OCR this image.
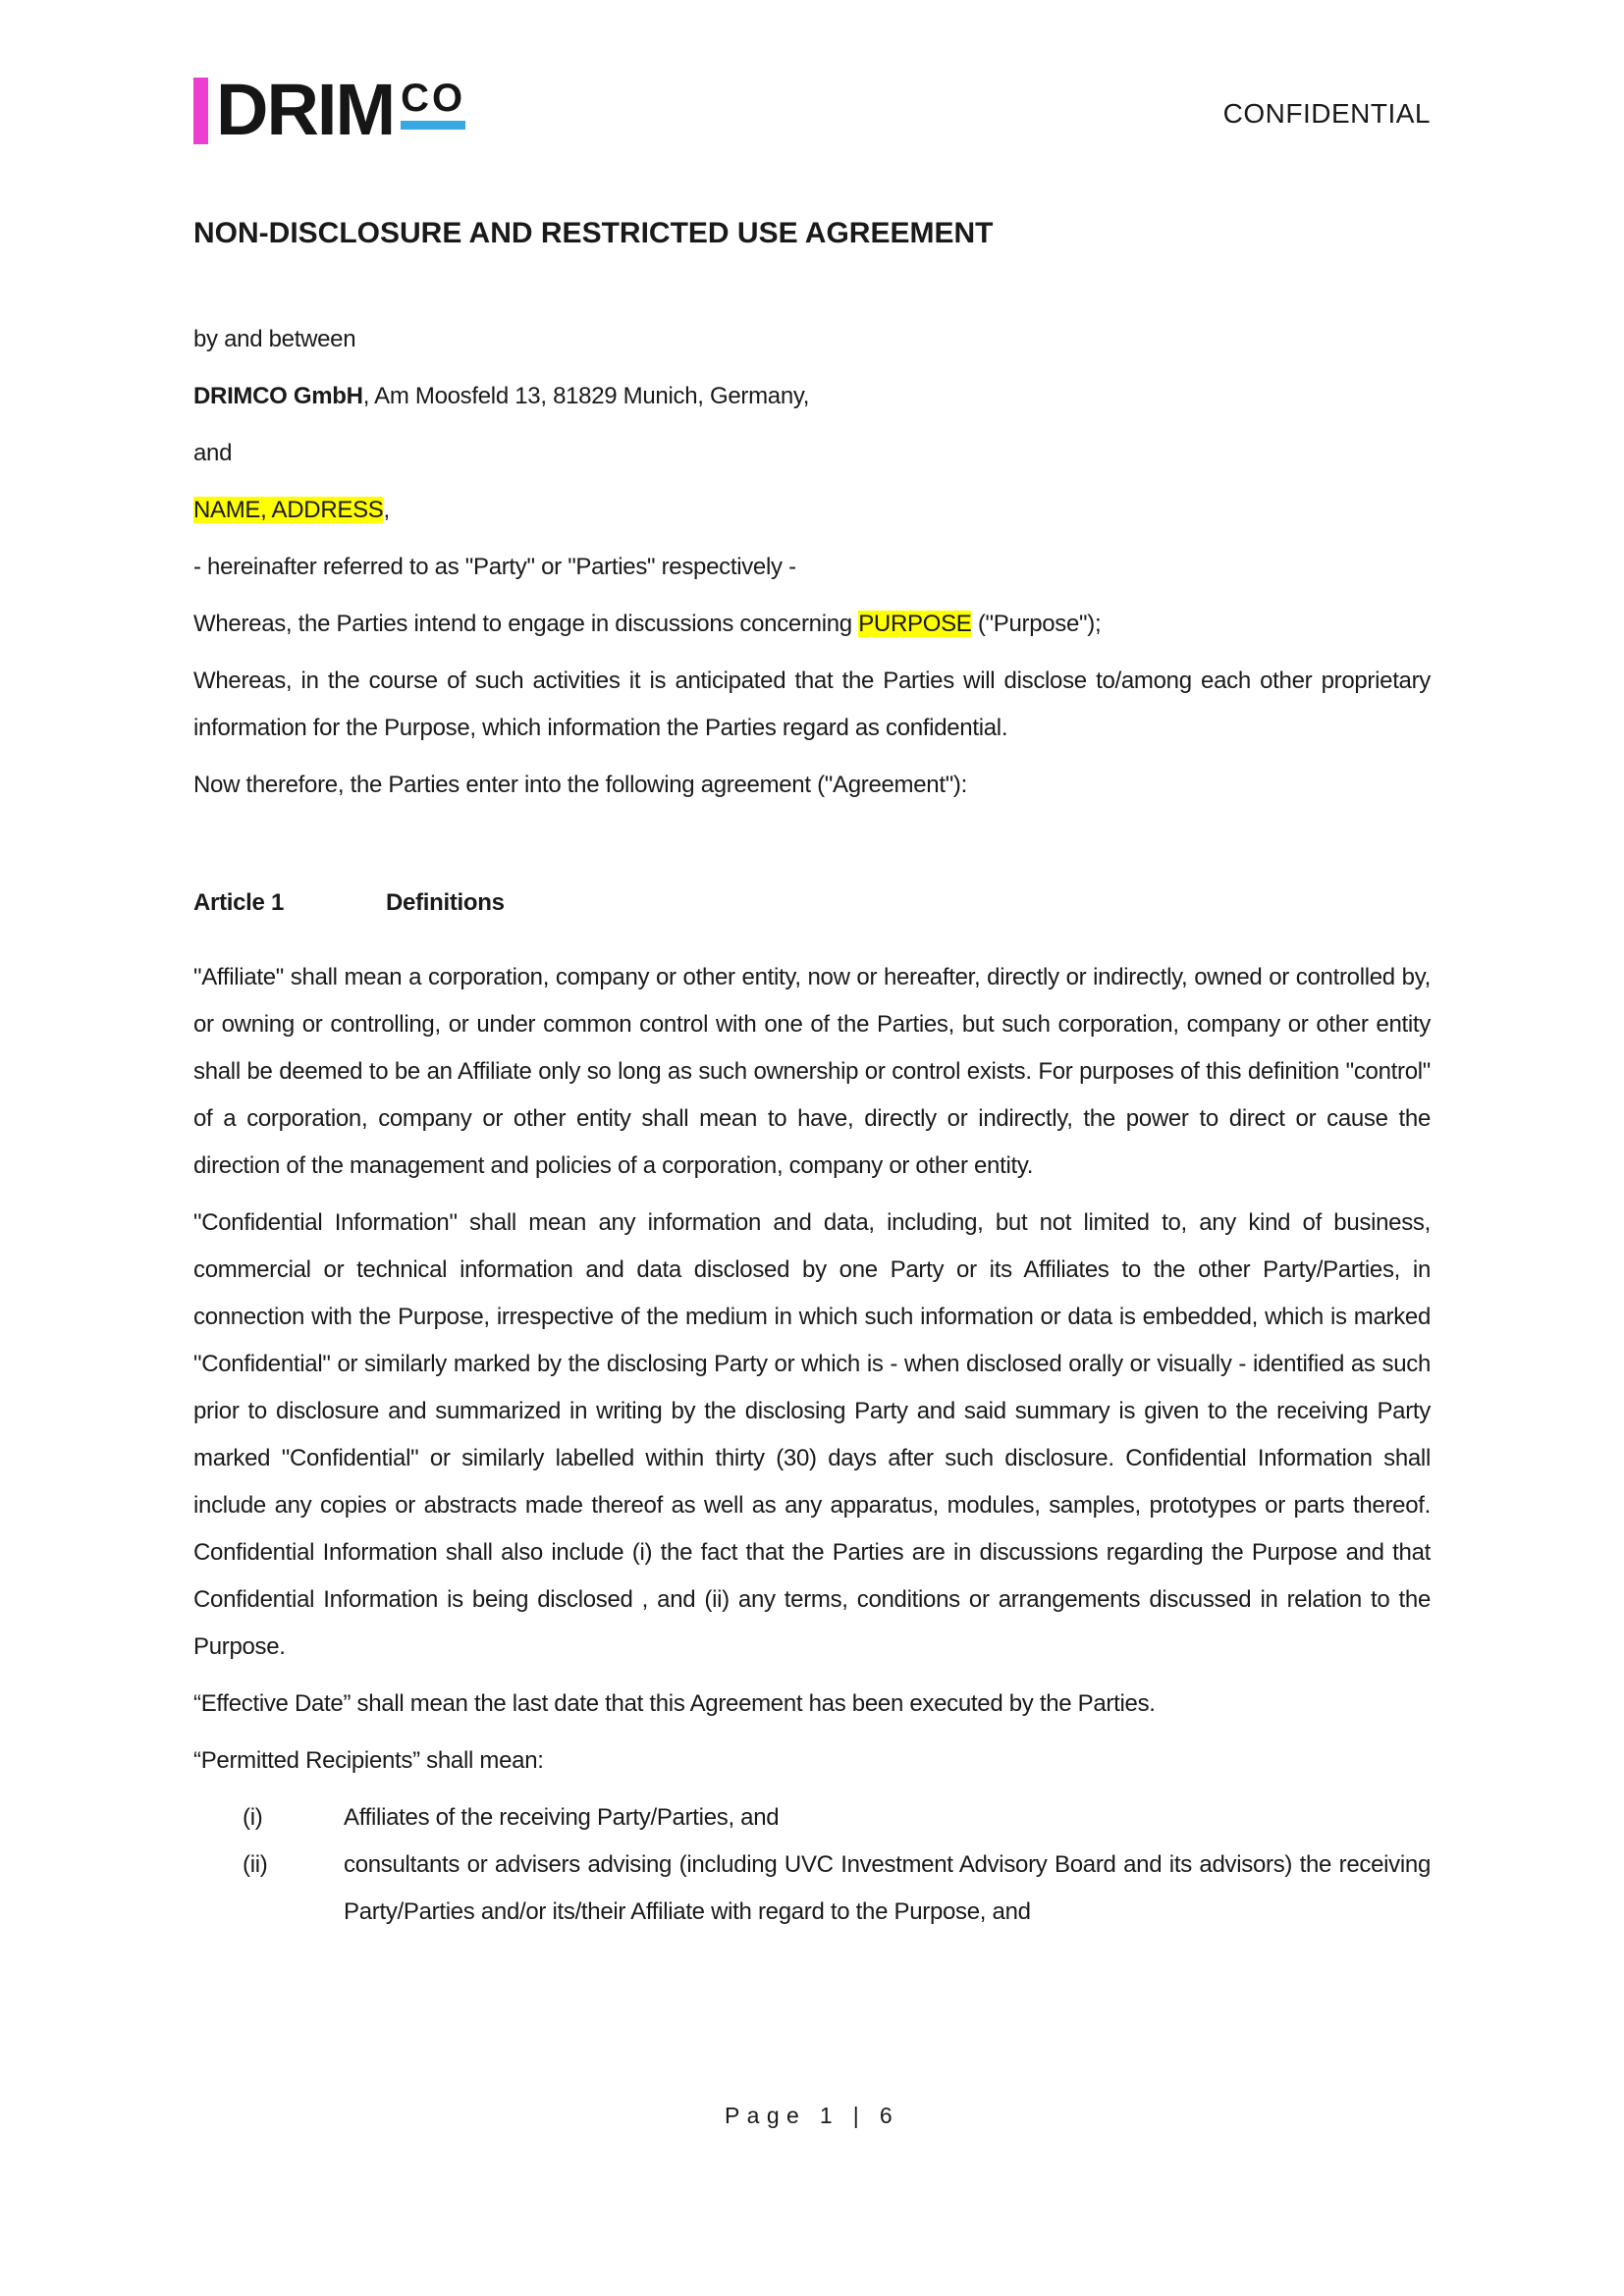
DRIM CO	CONFIDENTIAL

NON-DISCLOSURE AND RESTRICTED USE AGREEMENT

by and between

DRIMCO GmbH, Am Moosfeld 13, 81829 Munich, Germany,

and

NAME, ADDRESS,

- hereinafter referred to as "Party" or "Parties" respectively -

Whereas, the Parties intend to engage in discussions concerning PURPOSE ("Purpose");

Whereas, in the course of such activities it is anticipated that the Parties will disclose to/among each other proprietary information for the Purpose, which information the Parties regard as confidential.

Now therefore, the Parties enter into the following agreement ("Agreement"):

Article 1	Definitions

"Affiliate" shall mean a corporation, company or other entity, now or hereafter, directly or indirectly, owned or controlled by, or owning or controlling, or under common control with one of the Parties, but such corporation, company or other entity shall be deemed to be an Affiliate only so long as such ownership or control exists. For purposes of this definition "control" of a corporation, company or other entity shall mean to have, directly or indirectly, the power to direct or cause the direction of the management and policies of a corporation, company or other entity.

"Confidential Information" shall mean any information and data, including, but not limited to, any kind of business, commercial or technical information and data disclosed by one Party or its Affiliates to the other Party/Parties, in connection with the Purpose, irrespective of the medium in which such information or data is embedded, which is marked "Confidential" or similarly marked by the disclosing Party or which is - when disclosed orally or visually - identified as such prior to disclosure and summarized in writing by the disclosing Party and said summary is given to the receiving Party marked "Confidential" or similarly labelled within thirty (30) days after such disclosure. Confidential Information shall include any copies or abstracts made thereof as well as any apparatus, modules, samples, prototypes or parts thereof. Confidential Information shall also include (i) the fact that the Parties are in discussions regarding the Purpose and that Confidential Information is being disclosed , and (ii) any terms, conditions or arrangements discussed in relation to the Purpose.

“Effective Date” shall mean the last date that this Agreement has been executed by the Parties.

“Permitted Recipients” shall mean:

(i)	Affiliates of the receiving Party/Parties, and
(ii)	consultants or advisers advising (including UVC Investment Advisory Board and its advisors) the receiving Party/Parties and/or its/their Affiliate with regard to the Purpose, and
Page 1 | 6
